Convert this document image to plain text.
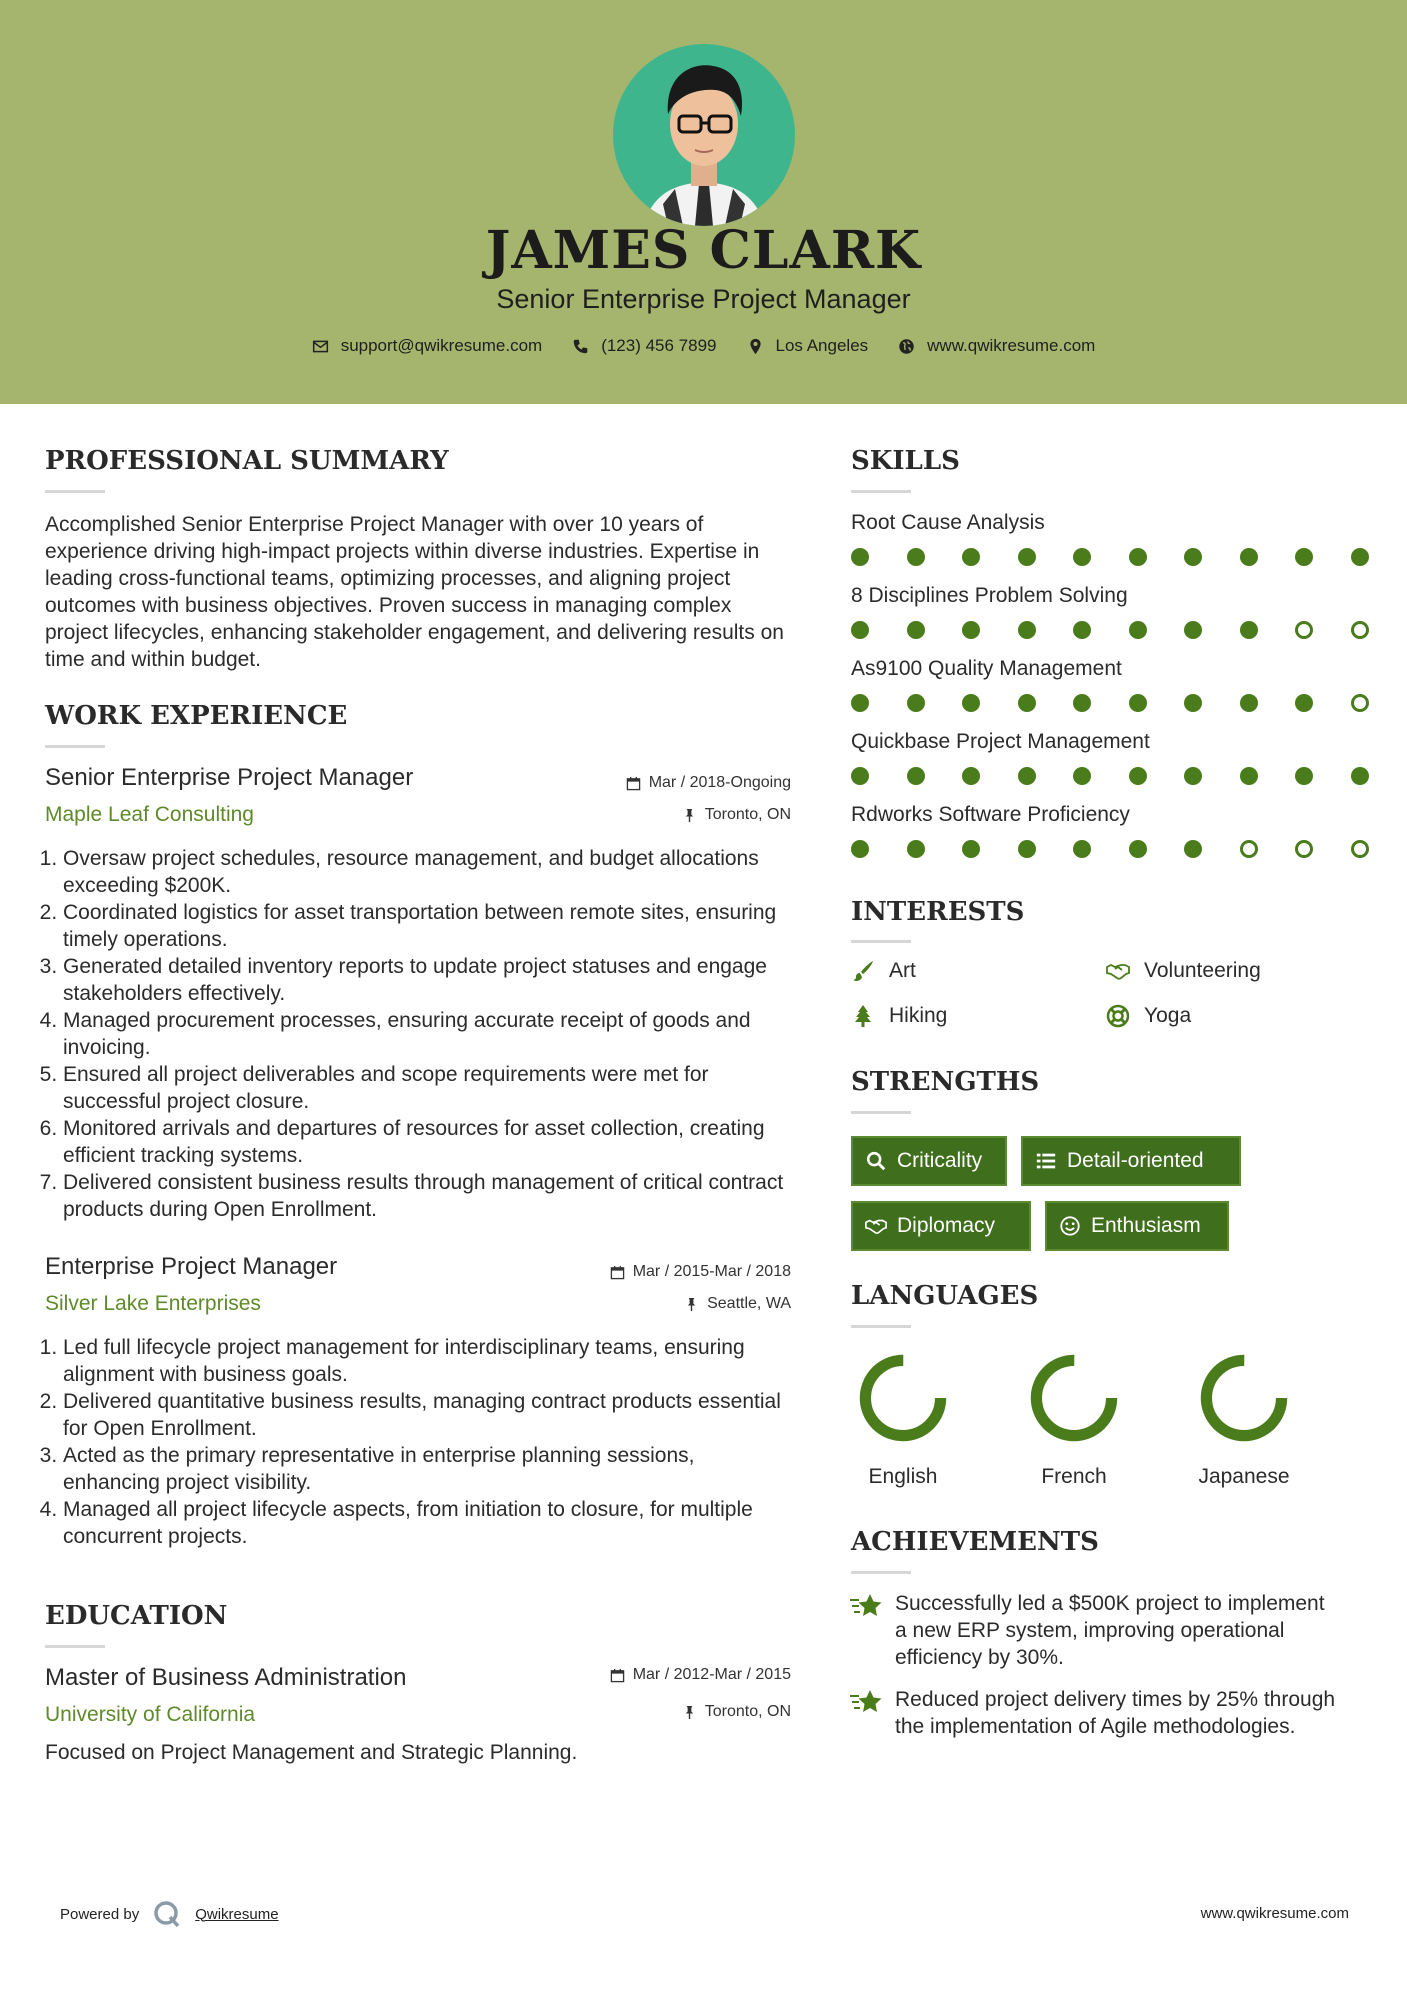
JAMES CLARK
Senior Enterprise Project Manager
support@qwikresume.com	(123) 456 7899	Los Angeles	www.qwikresume.com
PROFESSIONAL SUMMARY
Accomplished Senior Enterprise Project Manager with over 10 years of experience driving high-impact projects within diverse industries. Expertise in leading cross-functional teams, optimizing processes, and aligning project outcomes with business objectives. Proven success in managing complex project lifecycles, enhancing stakeholder engagement, and delivering results on time and within budget.
WORK EXPERIENCE
Senior Enterprise Project Manager	Mar / 2018-Ongoing
Maple Leaf Consulting	Toronto, ON
1. Oversaw project schedules, resource management, and budget allocations exceeding $200K.
2. Coordinated logistics for asset transportation between remote sites, ensuring timely operations.
3. Generated detailed inventory reports to update project statuses and engage stakeholders effectively.
4. Managed procurement processes, ensuring accurate receipt of goods and invoicing.
5. Ensured all project deliverables and scope requirements were met for successful project closure.
6. Monitored arrivals and departures of resources for asset collection, creating efficient tracking systems.
7. Delivered consistent business results through management of critical contract products during Open Enrollment.
Enterprise Project Manager	Mar / 2015-Mar / 2018
Silver Lake Enterprises	Seattle, WA
1. Led full lifecycle project management for interdisciplinary teams, ensuring alignment with business goals.
2. Delivered quantitative business results, managing contract products essential for Open Enrollment.
3. Acted as the primary representative in enterprise planning sessions, enhancing project visibility.
4. Managed all project lifecycle aspects, from initiation to closure, for multiple concurrent projects.
EDUCATION
Master of Business Administration	Mar / 2012-Mar / 2015
University of California	Toronto, ON
Focused on Project Management and Strategic Planning.
SKILLS
Root Cause Analysis
8 Disciplines Problem Solving
As9100 Quality Management
Quickbase Project Management
Rdworks Software Proficiency
INTERESTS
Art	Volunteering
Hiking	Yoga
STRENGTHS
Criticality	Detail-oriented
Diplomacy	Enthusiasm
LANGUAGES
English	French	Japanese
ACHIEVEMENTS
Successfully led a $500K project to implement a new ERP system, improving operational efficiency by 30%.
Reduced project delivery times by 25% through the implementation of Agile methodologies.
Powered by	Qwikresume	www.qwikresume.com
